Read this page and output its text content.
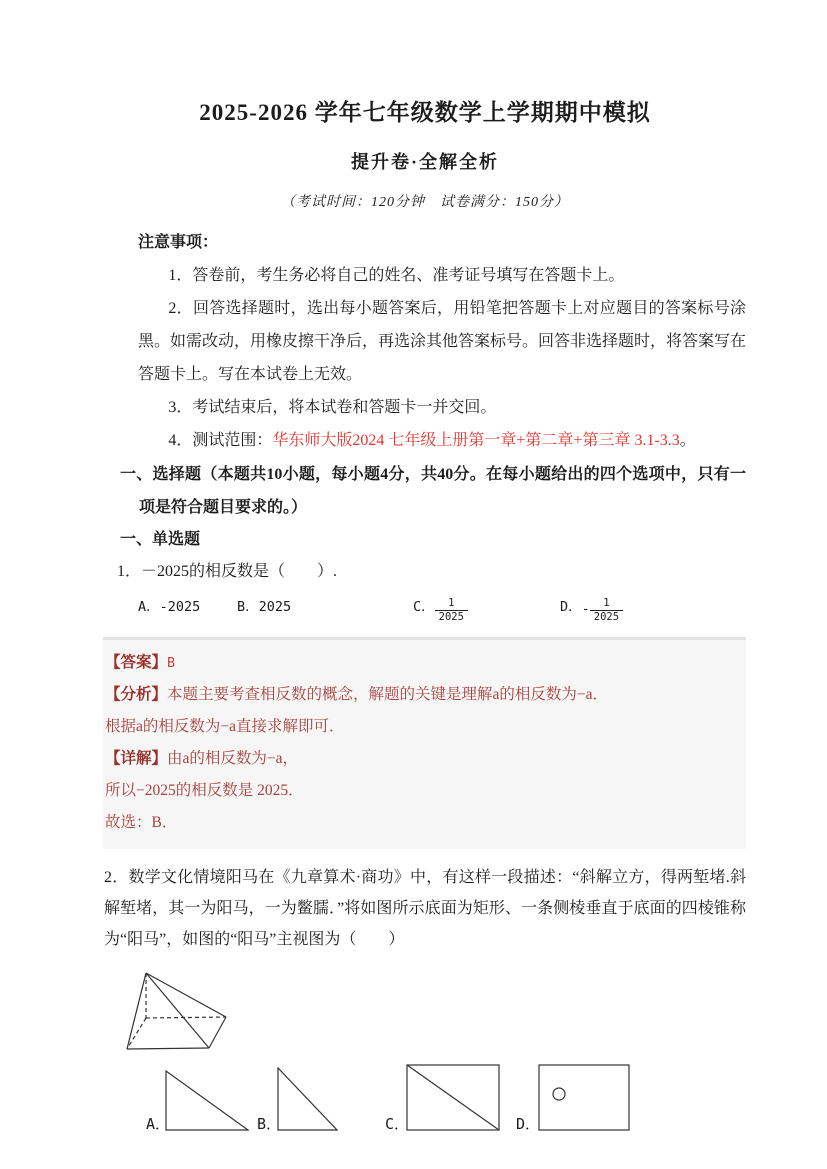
2025-2026 学年七年级数学上学期期中模拟
提升卷·全解全析
（考试时间：120分钟　试卷满分：150分）

注意事项：

1．答卷前，考生务必将自己的姓名、准考证号填写在答题卡上。

2．回答选择题时，选出每小题答案后，用铅笔把答题卡上对应题目的答案标号涂黑。如需改动，用橡皮擦干净后，再选涂其他答案标号。回答非选择题时，将答案写在答题卡上。写在本试卷上无效。

3．考试结束后，将本试卷和答题卡一并交回。

4．测试范围：华东师大版2024 七年级上册第一章+第二章+第三章 3.1-3.3。

一、选择题（本题共10小题，每小题4分，共40分。在每小题给出的四个选项中，只有一项是符合题目要求的。）

一、单选题

1．－2025的相反数是（　　）.

A．-2025	B．2025	C． $\frac{1}{2025}$	D．- $\frac{1}{2025}$

【答案】B

【分析】本题主要考查相反数的概念，解题的关键是理解a的相反数为−a．

根据a的相反数为−a直接求解即可．

【详解】由a的相反数为−a，

所以−2025的相反数是 2025．

故选：B．

2．数学文化情境阳马在《九章算术·商功》中，有这样一段描述：“斜解立方，得两堑堵.斜解堑堵，其一为阳马，一为鳖臑．”将如图所示底面为矩形、一条侧棱垂直于底面的四棱锥称为“阳马”，如图的“阳马”主视图为（　　）

A．	B．	C．	D．
